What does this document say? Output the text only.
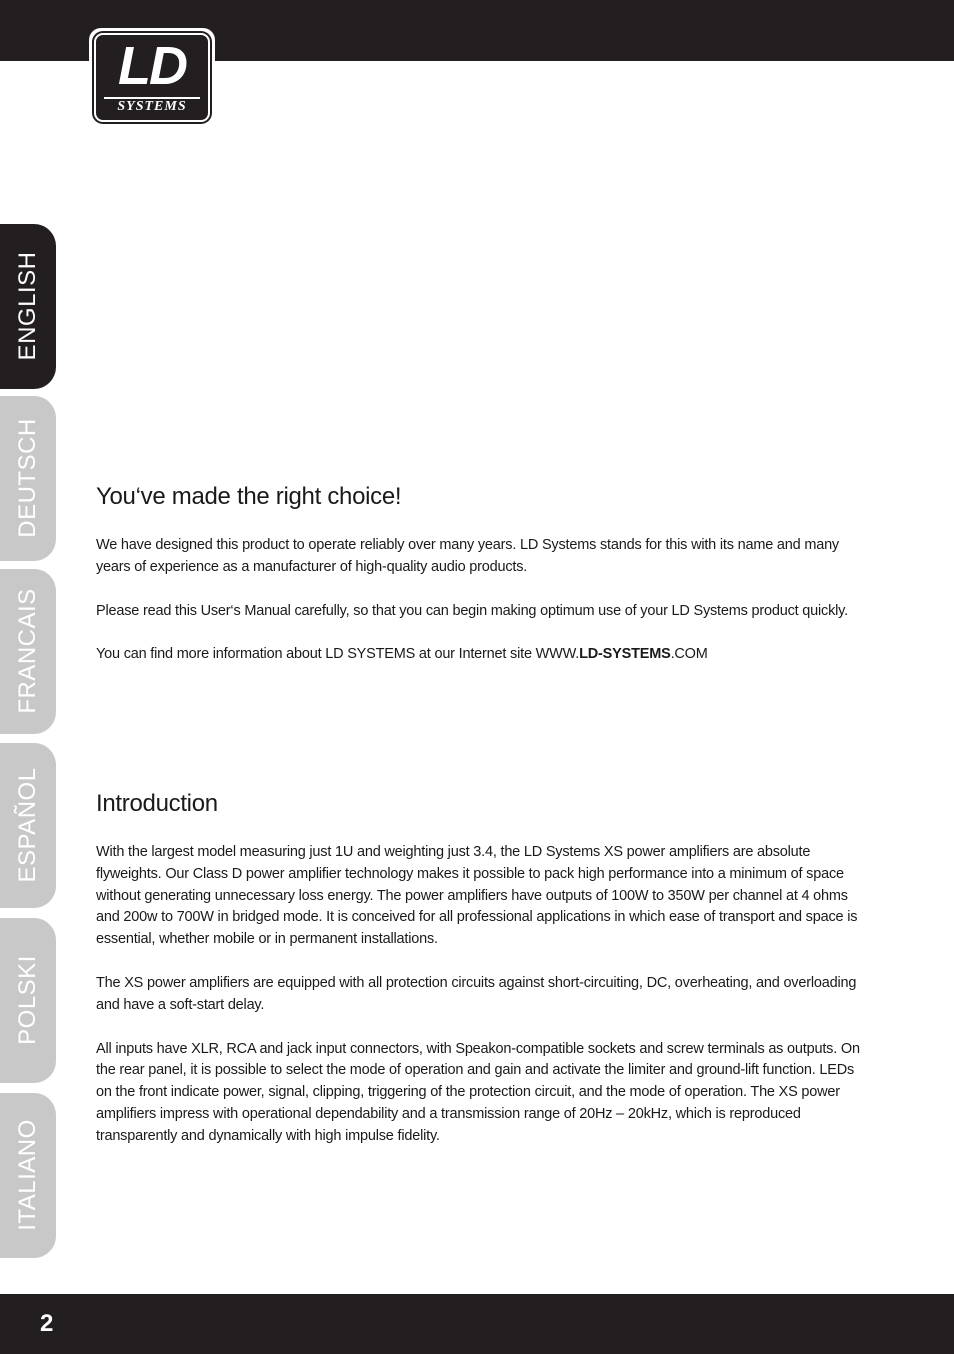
LD
SYSTEMS
ENGLISH
DEUTSCH
FRANCAIS
ESPAÑOL
POLSKI
ITALIANO
You‘ve made the right choice!

We have designed this product to operate reliably over many years. LD Systems stands for this with its name and many years of experience as a manufacturer of high-quality audio products.

Please read this User‘s Manual carefully, so that you can begin making optimum use of your LD Systems product quickly.

You can find more information about LD SYSTEMS at our Internet site WWW.LD-SYSTEMS.COM

Introduction

With the largest model measuring just 1U and weighting just 3.4, the LD Systems XS power amplifiers are absolute flyweights. Our Class D power amplifier technology makes it possible to pack high performance into a minimum of space without generating unnecessary loss energy. The power amplifiers have outputs of 100W to 350W per channel at 4 ohms and 200w to 700W in bridged mode. It is conceived for all professional applications in which ease of transport and space is essential, whether mobile or in permanent installations.

The XS power amplifiers are equipped with all protection circuits against short-circuiting, DC, overheating, and overloading and have a soft-start delay.

All inputs have XLR, RCA and jack input connectors, with Speakon-compatible sockets and screw terminals as outputs. On the rear panel, it is possible to select the mode of operation and gain and activate the limiter and ground-lift function. LEDs on the front indicate power, signal, clipping, triggering of the protection circuit, and the mode of operation. The XS power amplifiers impress with operational dependability and a transmission range of 20Hz – 20kHz, which is reproduced transparently and dynamically with high impulse fidelity.

2
